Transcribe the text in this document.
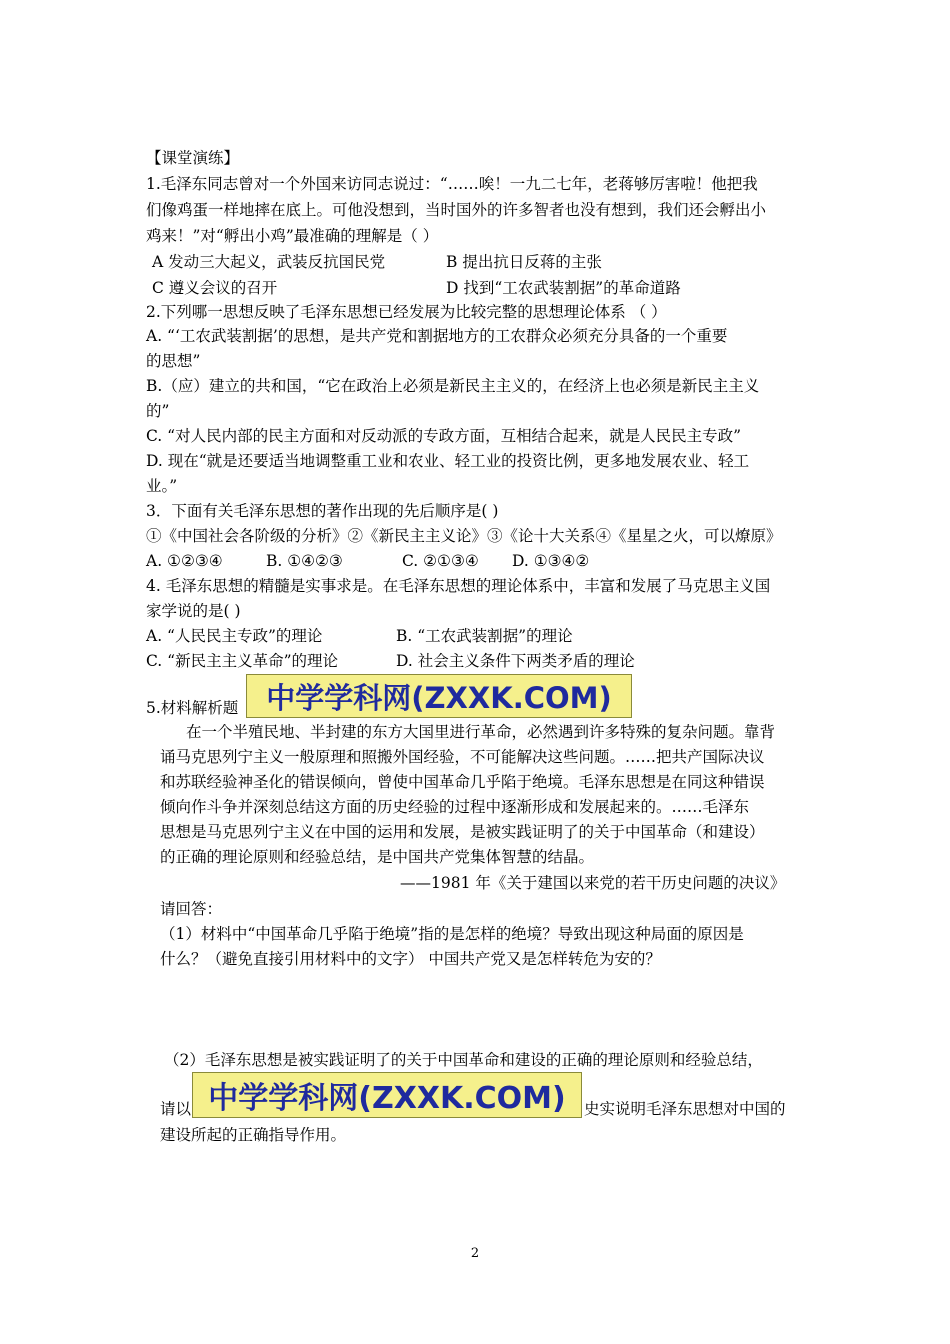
【课堂演练】
1.毛泽东同志曾对一个外国来访同志说过：“……唉！一九二七年，老蒋够厉害啦！他把我
们像鸡蛋一样地摔在底上。可他没想到，当时国外的许多智者也没有想到，我们还会孵出小
鸡来！”对“孵出小鸡”最准确的理解是（ ）
A 发动三大起义，武装反抗国民党	B 提出抗日反蒋的主张
C 遵义会议的召开	D 找到“工农武装割据”的革命道路
2.下列哪一思想反映了毛泽东思想已经发展为比较完整的思想理论体系 （ ）
A. “‘工农武装割据’的思想，是共产党和割据地方的工农群众必须充分具备的一个重要
的思想”
B.（应）建立的共和国，“它在政治上必须是新民主主义的，在经济上也必须是新民主主义
的”
C. “对人民内部的民主方面和对反动派的专政方面，互相结合起来，就是人民民主专政”
D. 现在“就是还要适当地调整重工业和农业、轻工业的投资比例，更多地发展农业、轻工
业。”
3．下面有关毛泽东思想的著作出现的先后顺序是( )
①《中国社会各阶级的分析》②《新民主主义论》③《论十大关系④《星星之火，可以燎原》
A. ①②③④	B. ①④②③	C. ②①③④ D. ①③④②
4. 毛泽东思想的精髓是实事求是。在毛泽东思想的理论体系中，丰富和发展了马克思主义国
家学说的是( )
A. “人民民主专政”的理论	B. “工农武装割据”的理论
C. “新民主主义革命”的理论	D. 社会主义条件下两类矛盾的理论
5.材料解析题 中学学科网(ZXXK.COM)
在一个半殖民地、半封建的东方大国里进行革命，必然遇到许多特殊的复杂问题。靠背
诵马克思列宁主义一般原理和照搬外国经验，不可能解决这些问题。……把共产国际决议
和苏联经验神圣化的错误倾向，曾使中国革命几乎陷于绝境。毛泽东思想是在同这种错误
倾向作斗争并深刻总结这方面的历史经验的过程中逐渐形成和发展起来的。……毛泽东
思想是马克思列宁主义在中国的运用和发展，是被实践证明了的关于中国革命（和建设）
的正确的理论原则和经验总结，是中国共产党集体智慧的结晶。
——1981 年《关于建国以来党的若干历史问题的决议》
请回答：
（1）材料中“中国革命几乎陷于绝境”指的是怎样的绝境？导致出现这种局面的原因是
什么？（避免直接引用材料中的文字） 中国共产党又是怎样转危为安的？
（2）毛泽东思想是被实践证明了的关于中国革命和建设的正确的理论原则和经验总结，
请以 中学学科网(ZXXK.COM)	史实说明毛泽东思想对中国的
建设所起的正确指导作用。
2
